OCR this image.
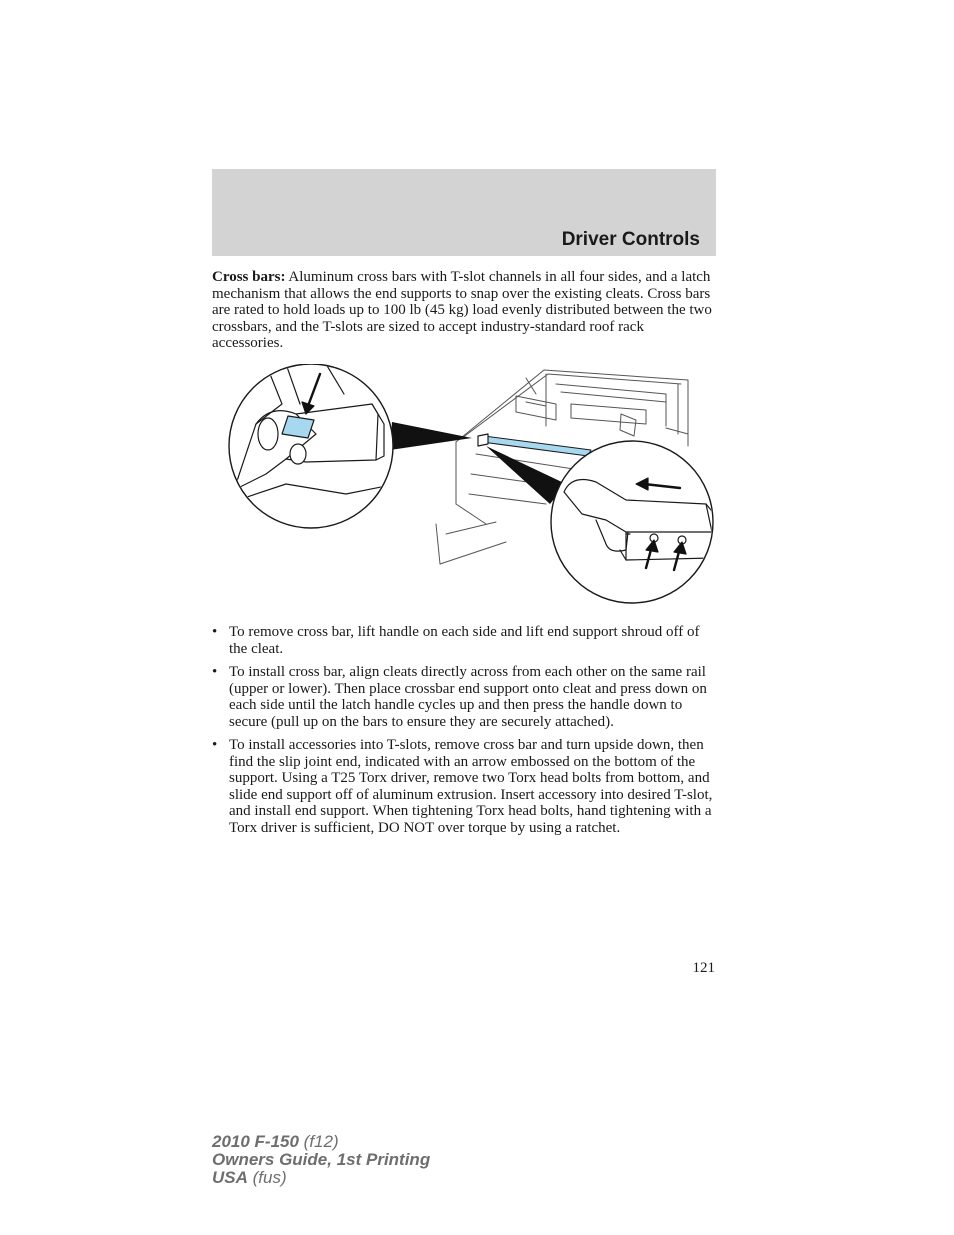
Driver Controls

Cross bars: Aluminum cross bars with T-slot channels in all four sides, and a latch mechanism that allows the end supports to snap over the existing cleats. Cross bars are rated to hold loads up to 100 lb (45 kg) load evenly distributed between the two crossbars, and the T-slots are sized to accept industry-standard roof rack accessories.

• To remove cross bar, lift handle on each side and lift end support shroud off of the cleat.
• To install cross bar, align cleats directly across from each other on the same rail (upper or lower). Then place crossbar end support onto cleat and press down on each side until the latch handle cycles up and then press the handle down to secure (pull up on the bars to ensure they are securely attached).
• To install accessories into T-slots, remove cross bar and turn upside down, then find the slip joint end, indicated with an arrow embossed on the bottom of the support. Using a T25 Torx driver, remove two Torx head bolts from bottom, and slide end support off of aluminum extrusion. Insert accessory into desired T-slot, and install end support. When tightening Torx head bolts, hand tightening with a Torx driver is sufficient, DO NOT over torque by using a ratchet.
121
2010 F-150 (f12)
Owners Guide, 1st Printing
USA (fus)
